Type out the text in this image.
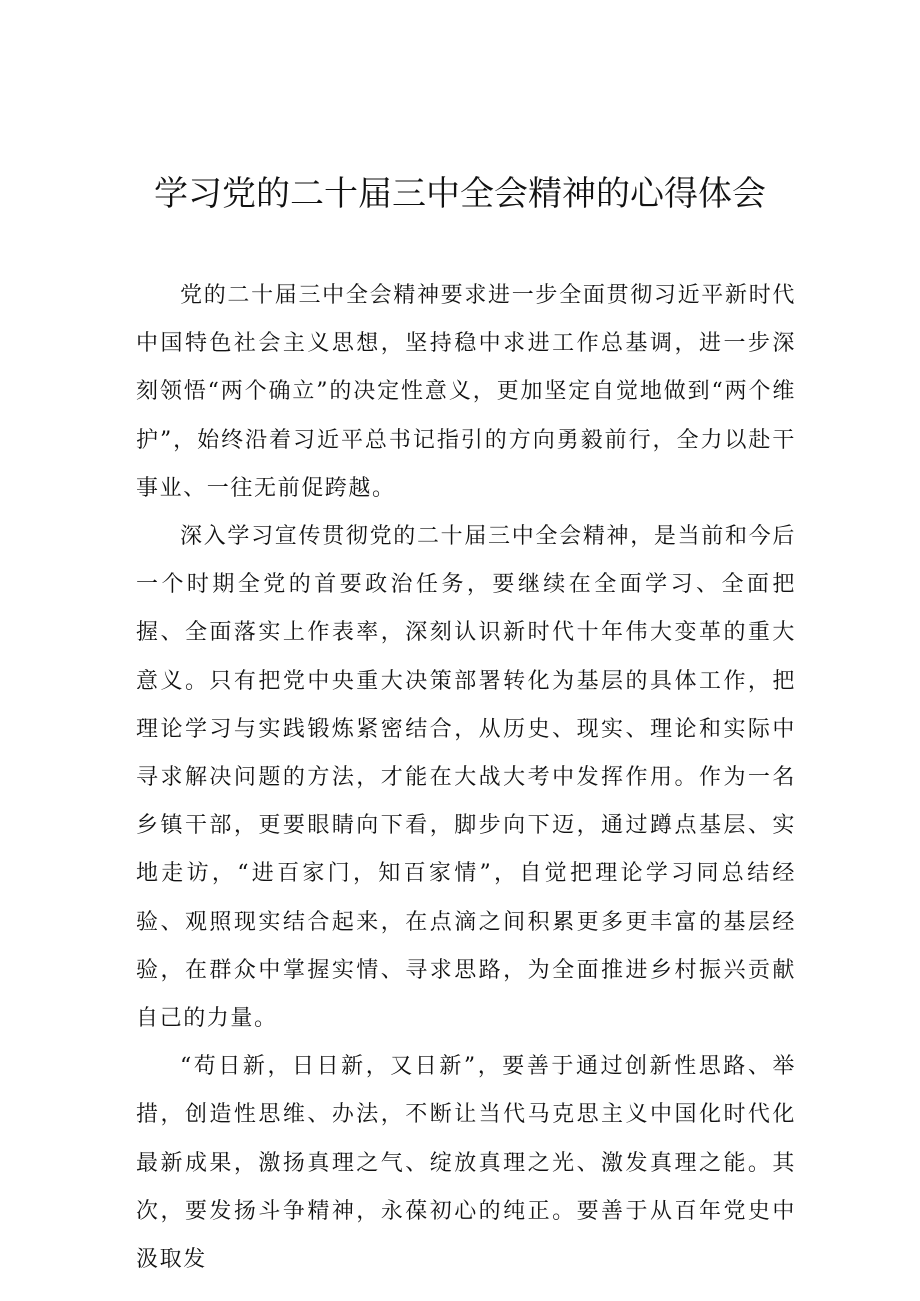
学习党的二十届三中全会精神的心得体会

党的二十届三中全会精神要求进一步全面贯彻习近平新时代中国特色社会主义思想，坚持稳中求进工作总基调，进一步深刻领悟“两个确立”的决定性意义，更加坚定自觉地做到“两个维护”，始终沿着习近平总书记指引的方向勇毅前行，全力以赴干事业、一往无前促跨越。

深入学习宣传贯彻党的二十届三中全会精神，是当前和今后一个时期全党的首要政治任务，要继续在全面学习、全面把握、全面落实上作表率，深刻认识新时代十年伟大变革的重大意义。只有把党中央重大决策部署转化为基层的具体工作，把理论学习与实践锻炼紧密结合，从历史、现实、理论和实际中寻求解决问题的方法，才能在大战大考中发挥作用。作为一名乡镇干部，更要眼睛向下看，脚步向下迈，通过蹲点基层、实地走访，“进百家门，知百家情”，自觉把理论学习同总结经验、观照现实结合起来，在点滴之间积累更多更丰富的基层经验，在群众中掌握实情、寻求思路，为全面推进乡村振兴贡献自己的力量。

“苟日新，日日新，又日新”，要善于通过创新性思路、举措，创造性思维、办法，不断让当代马克思主义中国化时代化最新成果，激扬真理之气、绽放真理之光、激发真理之能。其次，要发扬斗争精神，永葆初心的纯正。要善于从百年党史中汲取发
